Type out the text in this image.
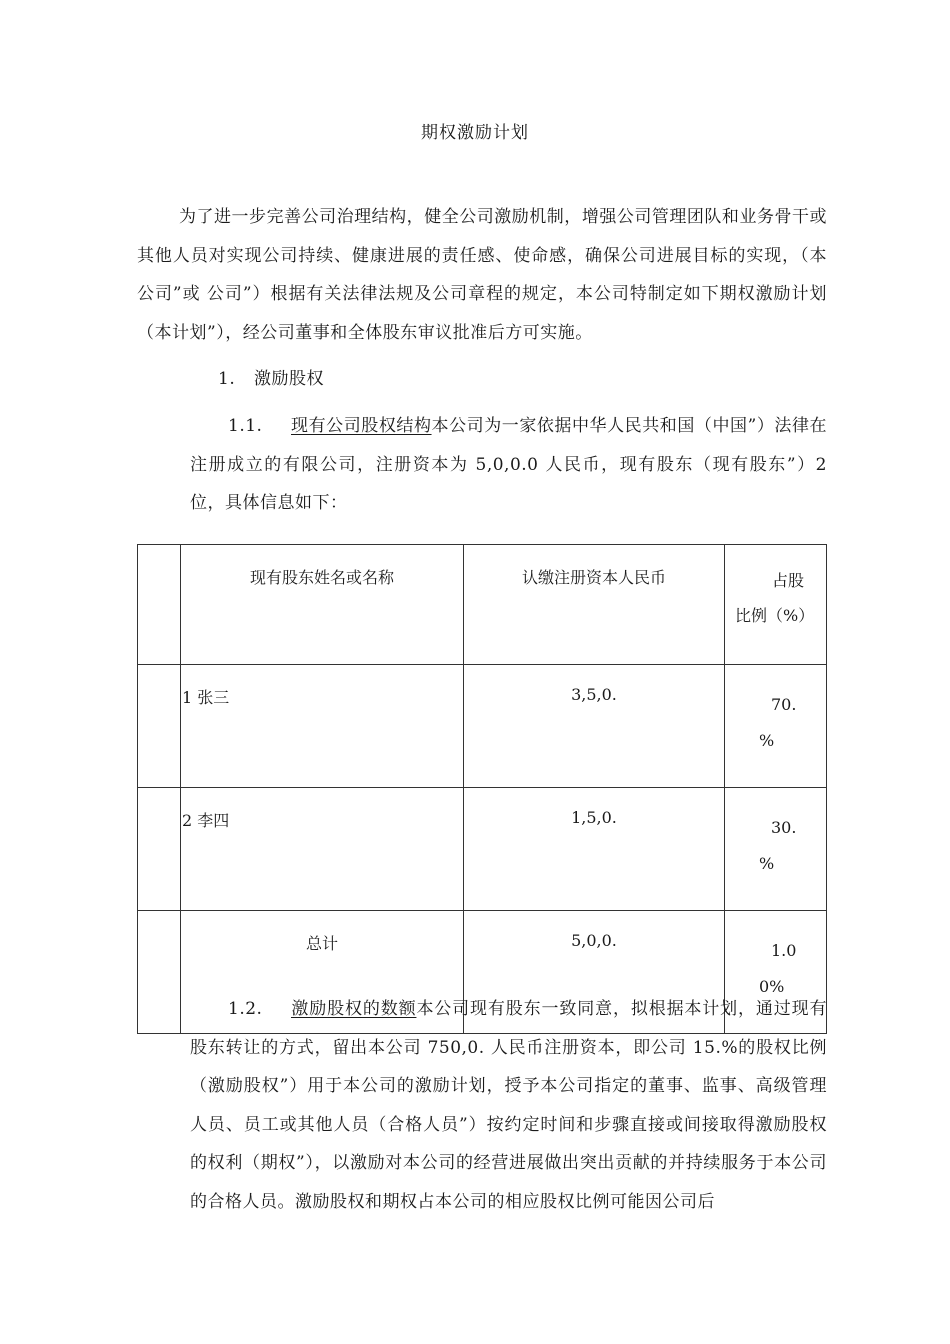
期权激励计划
为了进一步完善公司治理结构，健全公司激励机制，增强公司管理团队和业务骨干或其他人员对实现公司持续、健康进展的责任感、使命感，确保公司进展目标的实现，（本公司”或 公司”）根据有关法律法规及公司章程的规定，本公司特制定如下期权激励计划（本计划”），经公司董事和全体股东审议批准后方可实施。
1. 激励股权
1.1. 现有公司股权结构本公司为一家依据中华人民共和国（中国”）法律在注册成立的有限公司，注册资本为 5,0,0.0 人民币，现有股东（现有股东”）2 位，具体信息如下：
	现有股东姓名或名称	认缴注册资本人民币	占股
比例（%）

	1 张三	3,5,0.	70.
%

	2 李四	1,5,0.	30.
%

	总计	5,0,0.	1.0
0%
1.2. 激励股权的数额本公司现有股东一致同意，拟根据本计划，通过现有股东转让的方式，留出本公司 750,0. 人民币注册资本，即公司 15.%的股权比例（激励股权”）用于本公司的激励计划，授予本公司指定的董事、监事、高级管理人员、员工或其他人员（合格人员”）按约定时间和步骤直接或间接取得激励股权的权利（期权”），以激励对本公司的经营进展做出突出贡献的并持续服务于本公司的合格人员。激励股权和期权占本公司的相应股权比例可能因公司后
